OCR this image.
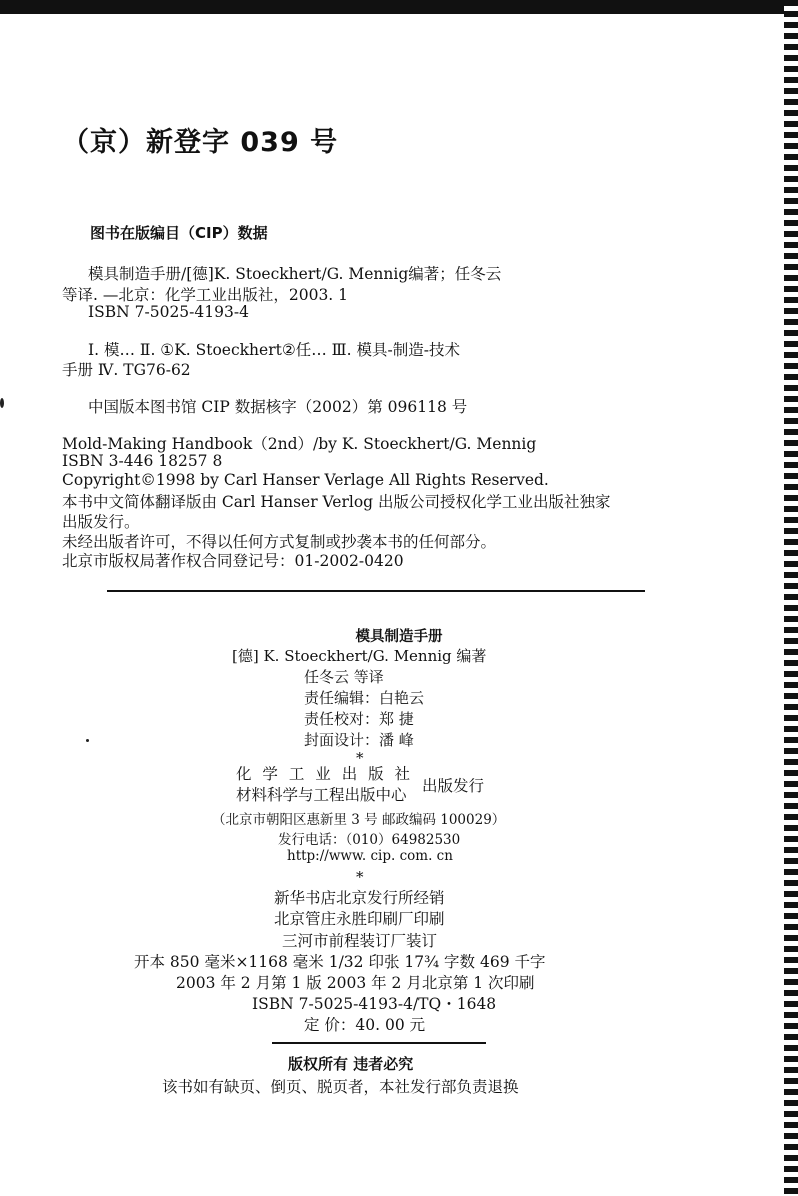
（京）新登字 039 号
图书在版编目（CIP）数据
模具制造手册/[德]K. Stoeckhert/G. Mennig编著；任冬云
等译. —北京：化学工业出版社，2003. 1
ISBN 7-5025-4193-4
Ⅰ. 模… Ⅱ. ①K. Stoeckhert②任… Ⅲ. 模具-制造-技术
手册 Ⅳ. TG76-62
中国版本图书馆 CIP 数据核字（2002）第 096118 号
Mold-Making Handbook（2nd）/by K. Stoeckhert/G. Mennig
ISBN 3-446 18257 8
Copyright©1998 by Carl Hanser Verlage All Rights Reserved.
本书中文简体翻译版由 Carl Hanser Verlog 出版公司授权化学工业出版社独家
出版发行。
未经出版者许可，不得以任何方式复制或抄袭本书的任何部分。
北京市版权局著作权合同登记号：01-2002-0420
模具制造手册
[德] K. Stoeckhert/G. Mennig 编著
任冬云 等译
责任编辑：白艳云
责任校对：郑 捷
封面设计：潘 峰
*
化 学 工 业 出 版 社
材料科学与工程出版中心 出版发行
（北京市朝阳区惠新里 3 号 邮政编码 100029）
发行电话：（010）64982530
http://www. cip. com. cn
*
新华书店北京发行所经销
北京管庄永胜印刷厂印刷
三河市前程装订厂装订
开本 850 毫米×1168 毫米 1/32 印张 17¾ 字数 469 千字
2003 年 2 月第 1 版 2003 年 2 月北京第 1 次印刷
ISBN 7-5025-4193-4/TQ・1648
定 价：40. 00 元
版权所有 违者必究
该书如有缺页、倒页、脱页者，本社发行部负责退换
